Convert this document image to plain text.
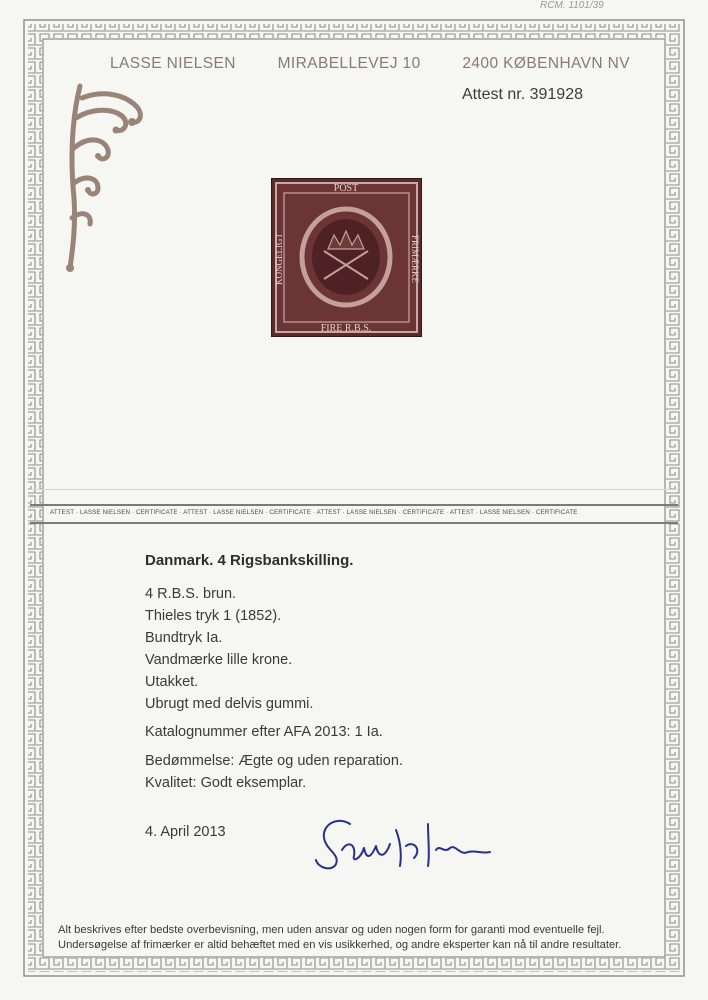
RCM. 1101/39
LASSE NIELSEN	MIRABELLEVEJ 10	2400 KØBENHAVN NV
Attest nr. 391928
POST
FIRE R.B.S.
KONGELIGT	FRIMÆRKE
ATTEST · LASSE NIELSEN · CERTIFICATE · ATTEST · LASSE NIELSEN · CERTIFICATE · ATTEST · LASSE NIELSEN · CERTIFICATE · ATTEST · LASSE NIELSEN · CERTIFICATE
Danmark. 4 Rigsbankskilling.
4 R.B.S. brun.
Thieles tryk 1 (1852).
Bundtryk Ia.
Vandmærke lille krone.
Utakket.
Ubrugt med delvis gummi.
Katalognummer efter AFA 2013: 1 Ia.
Bedømmelse: Ægte og uden reparation.
Kvalitet: Godt eksemplar.
4. April 2013
Alt beskrives efter bedste overbevisning, men uden ansvar og uden nogen form for garanti mod eventuelle fejl.
Undersøgelse af frimærker er altid behæftet med en vis usikkerhed, og andre eksperter kan nå til andre resultater.
